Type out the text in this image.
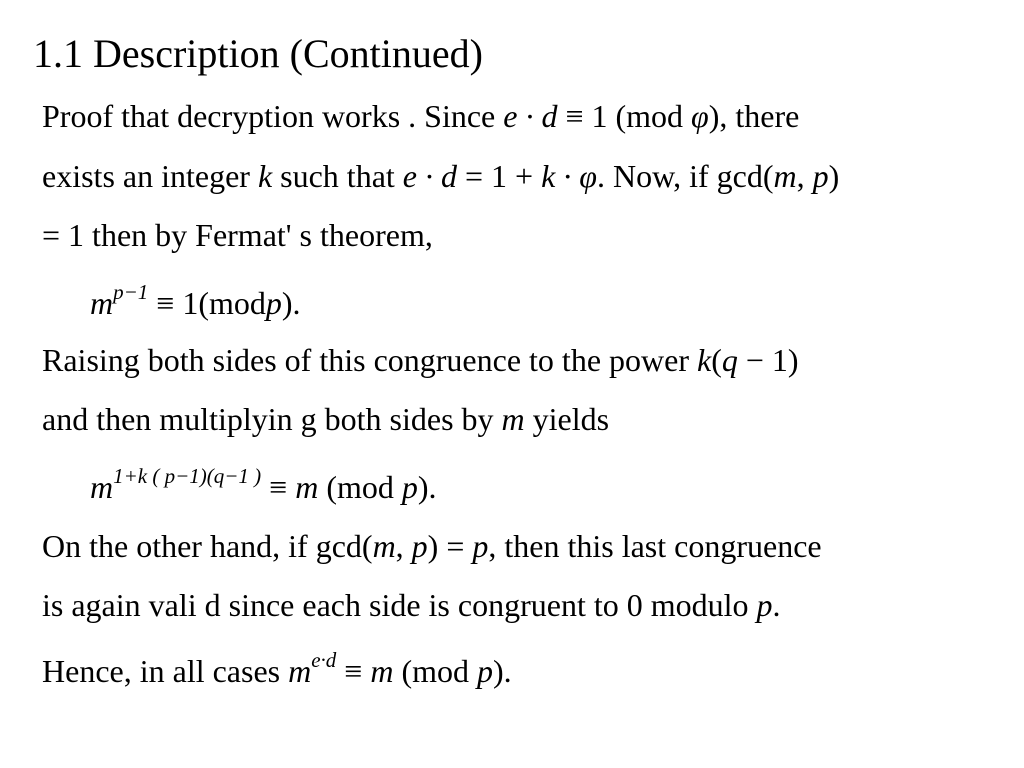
1.1 Description (Continued)
Proof that decryption works . Since e · d ≡ 1 (mod φ), there
exists an integer k such that e · d = 1 + k · φ. Now, if gcd(m, p)
= 1 then by Fermat' s theorem,
$m^{p-1}$ ≡ 1(modp).
Raising both sides of this congruence to the power k(q − 1)
and then multiplyin g both sides by m yields
$m^{1+k ( p-1)(q-1 )} \equiv m$ (mod p).
On the other hand, if gcd(m, p) = p, then this last congruence
is again vali d since each side is congruent to 0 modulo p.
Hence, in all cases $m^{e\cdot d} \equiv m$ (mod p).
